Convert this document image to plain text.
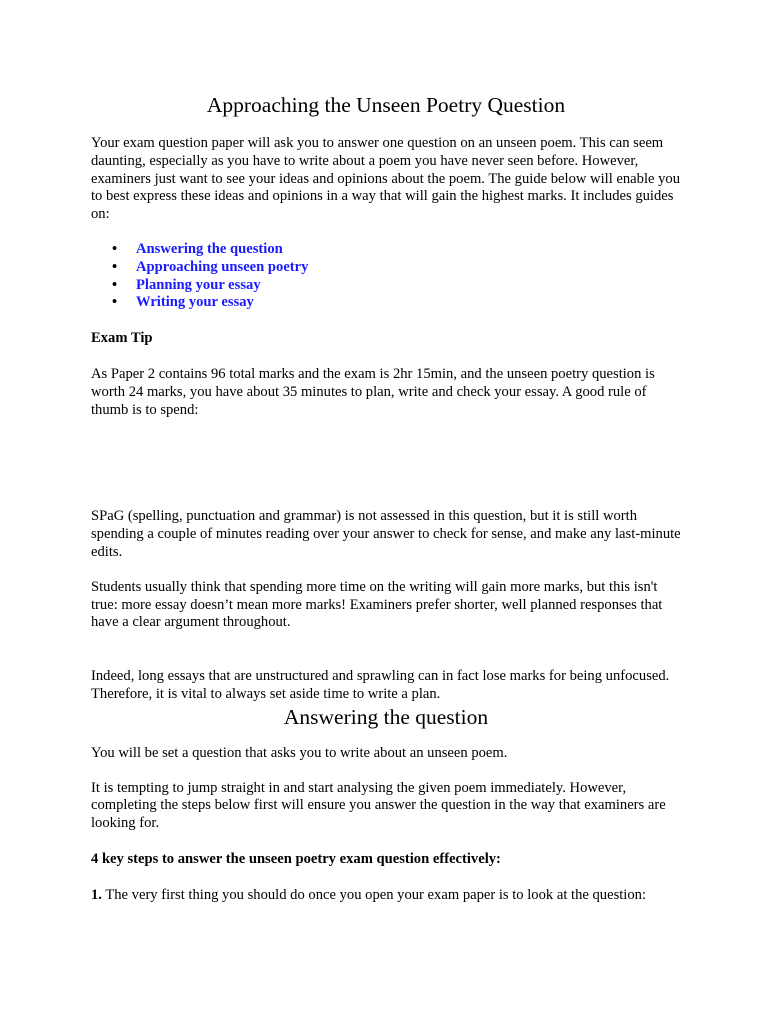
Approaching the Unseen Poetry Question

Your exam question paper will ask you to answer one question on an unseen poem. This can seem daunting, especially as you have to write about a poem you have never seen before. However, examiners just want to see your ideas and opinions about the poem. The guide below will enable you to best express these ideas and opinions in a way that will gain the highest marks. It includes guides on:

• Answering the question
• Approaching unseen poetry
• Planning your essay
• Writing your essay

Exam Tip

As Paper 2 contains 96 total marks and the exam is 2hr 15min, and the unseen poetry question is worth 24 marks, you have about 35 minutes to plan, write and check your essay. A good rule of thumb is to spend:

SPaG (spelling, punctuation and grammar) is not assessed in this question, but it is still worth spending a couple of minutes reading over your answer to check for sense, and make any last-minute edits.

Students usually think that spending more time on the writing will gain more marks, but this isn't true: more essay doesn’t mean more marks! Examiners prefer shorter, well planned responses that have a clear argument throughout.

Indeed, long essays that are unstructured and sprawling can in fact lose marks for being unfocused. Therefore, it is vital to always set aside time to write a plan.

Answering the question

You will be set a question that asks you to write about an unseen poem.

It is tempting to jump straight in and start analysing the given poem immediately. However, completing the steps below first will ensure you answer the question in the way that examiners are looking for.

4 key steps to answer the unseen poetry exam question effectively:

1. The very first thing you should do once you open your exam paper is to look at the question:
